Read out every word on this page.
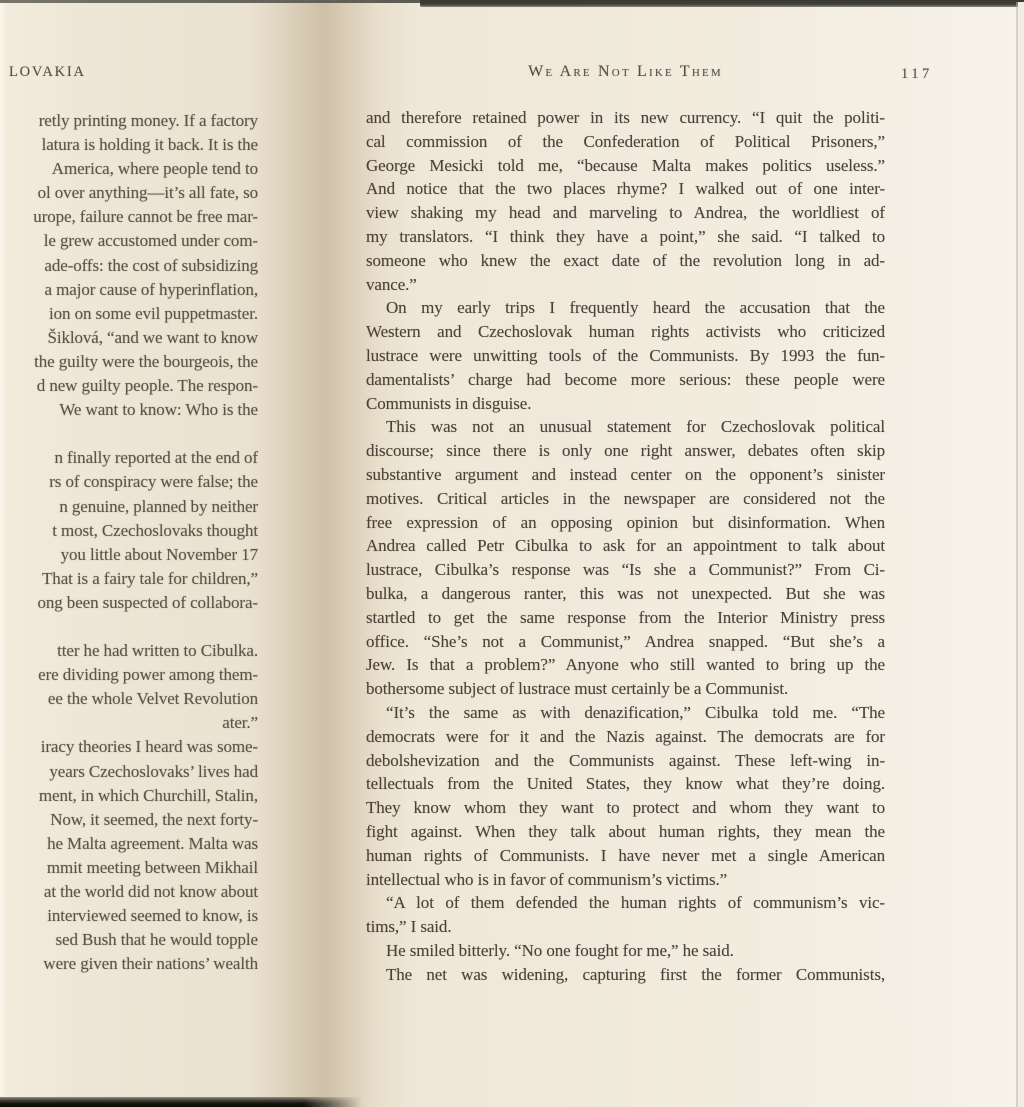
LOVAKIA	We Are Not Like Them	117
retly printing money. If a factory
latura is holding it back. It is the
America, where people tend to
ol over anything—it’s all fate, so
urope, failure cannot be free mar-
le grew accustomed under com-
ade-offs: the cost of subsidizing
a major cause of hyperinflation,
ion on some evil puppetmaster.
Šiklová, “and we want to know
the guilty were the bourgeois, the
d new guilty people. The respon-
We want to know: Who is the
n finally reported at the end of
rs of conspiracy were false; the
n genuine, planned by neither
t most, Czechoslovaks thought
you little about November 17
That is a fairy tale for children,”
ong been suspected of collabora-
tter he had written to Cibulka.
ere dividing power among them-
ee the whole Velvet Revolution
ater.”
iracy theories I heard was some-
years Czechoslovaks’ lives had
ment, in which Churchill, Stalin,
Now, it seemed, the next forty-
he Malta agreement. Malta was
mmit meeting between Mikhail
at the world did not know about
interviewed seemed to know, is
sed Bush that he would topple
were given their nations’ wealth
and therefore retained power in its new currency. “I quit the politi-
cal commission of the Confederation of Political Prisoners,”
George Mesicki told me, “because Malta makes politics useless.”
And notice that the two places rhyme? I walked out of one inter-
view shaking my head and marveling to Andrea, the worldliest of
my translators. “I think they have a point,” she said. “I talked to
someone who knew the exact date of the revolution long in ad-
vance.”
On my early trips I frequently heard the accusation that the
Western and Czechoslovak human rights activists who criticized
lustrace were unwitting tools of the Communists. By 1993 the fun-
damentalists’ charge had become more serious: these people were
Communists in disguise.
This was not an unusual statement for Czechoslovak political
discourse; since there is only one right answer, debates often skip
substantive argument and instead center on the opponent’s sinister
motives. Critical articles in the newspaper are considered not the
free expression of an opposing opinion but disinformation. When
Andrea called Petr Cibulka to ask for an appointment to talk about
lustrace, Cibulka’s response was “Is she a Communist?” From Ci-
bulka, a dangerous ranter, this was not unexpected. But she was
startled to get the same response from the Interior Ministry press
office. “She’s not a Communist,” Andrea snapped. “But she’s a
Jew. Is that a problem?” Anyone who still wanted to bring up the
bothersome subject of lustrace must certainly be a Communist.
“It’s the same as with denazification,” Cibulka told me. “The
democrats were for it and the Nazis against. The democrats are for
debolshevization and the Communists against. These left-wing in-
tellectuals from the United States, they know what they’re doing.
They know whom they want to protect and whom they want to
fight against. When they talk about human rights, they mean the
human rights of Communists. I have never met a single American
intellectual who is in favor of communism’s victims.”
“A lot of them defended the human rights of communism’s vic-
tims,” I said.
He smiled bitterly. “No one fought for me,” he said.
The net was widening, capturing first the former Communists,
